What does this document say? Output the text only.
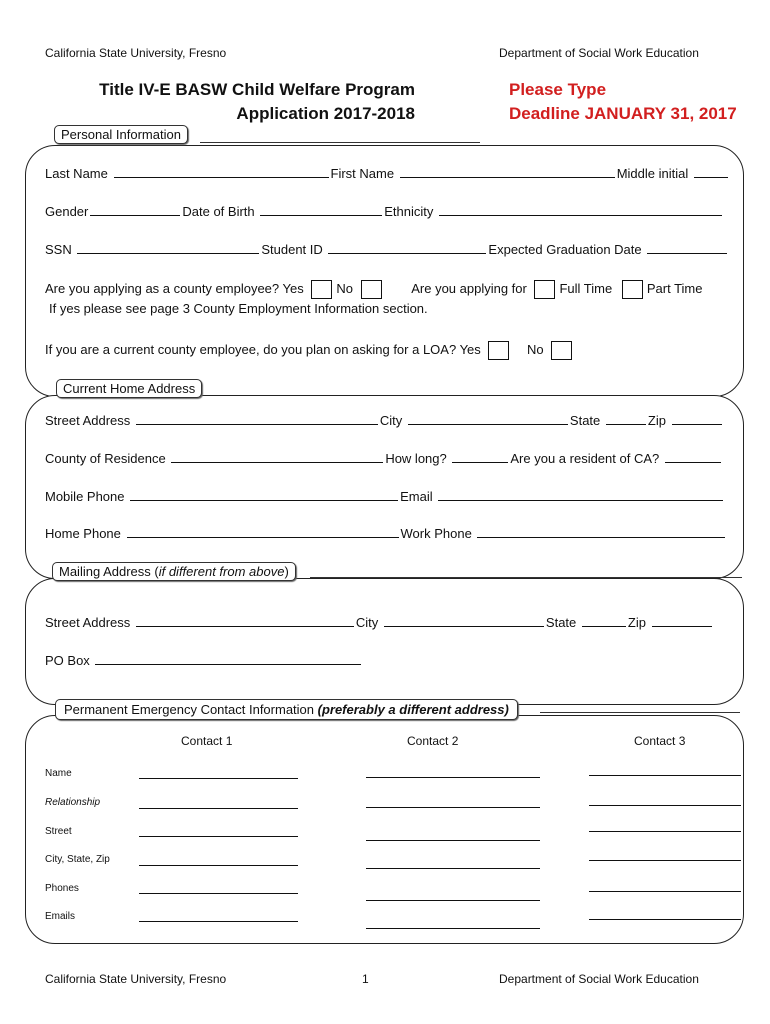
California State University, Fresno	Department of Social Work Education
Title IV-E BASW Child Welfare Program
Application 2017-2018
Please Type
Deadline JANUARY 31, 2017
Personal Information
Last Name	First Name	Middle initial
Gender	Date of Birth	Ethnicity
SSN	Student ID	Expected Graduation Date
Are you applying as a county employee? Yes	No	Are you applying for	Full Time	Part Time
If yes please see page 3 County Employment Information section.
If you are a current county employee, do you plan on asking for a LOA? Yes	No
Current Home Address
Street Address	City	State	Zip
County of Residence	How long?	Are you a resident of CA?
Mobile Phone	Email
Home Phone	Work Phone
Mailing Address (if different from above)
Street Address	City	State	Zip
PO Box
Permanent Emergency Contact Information (preferably a different address)
Contact 1	Contact 2	Contact 3
Name
Relationship
Street
City, State, Zip
Phones
Emails
California State University, Fresno	1	Department of Social Work Education
